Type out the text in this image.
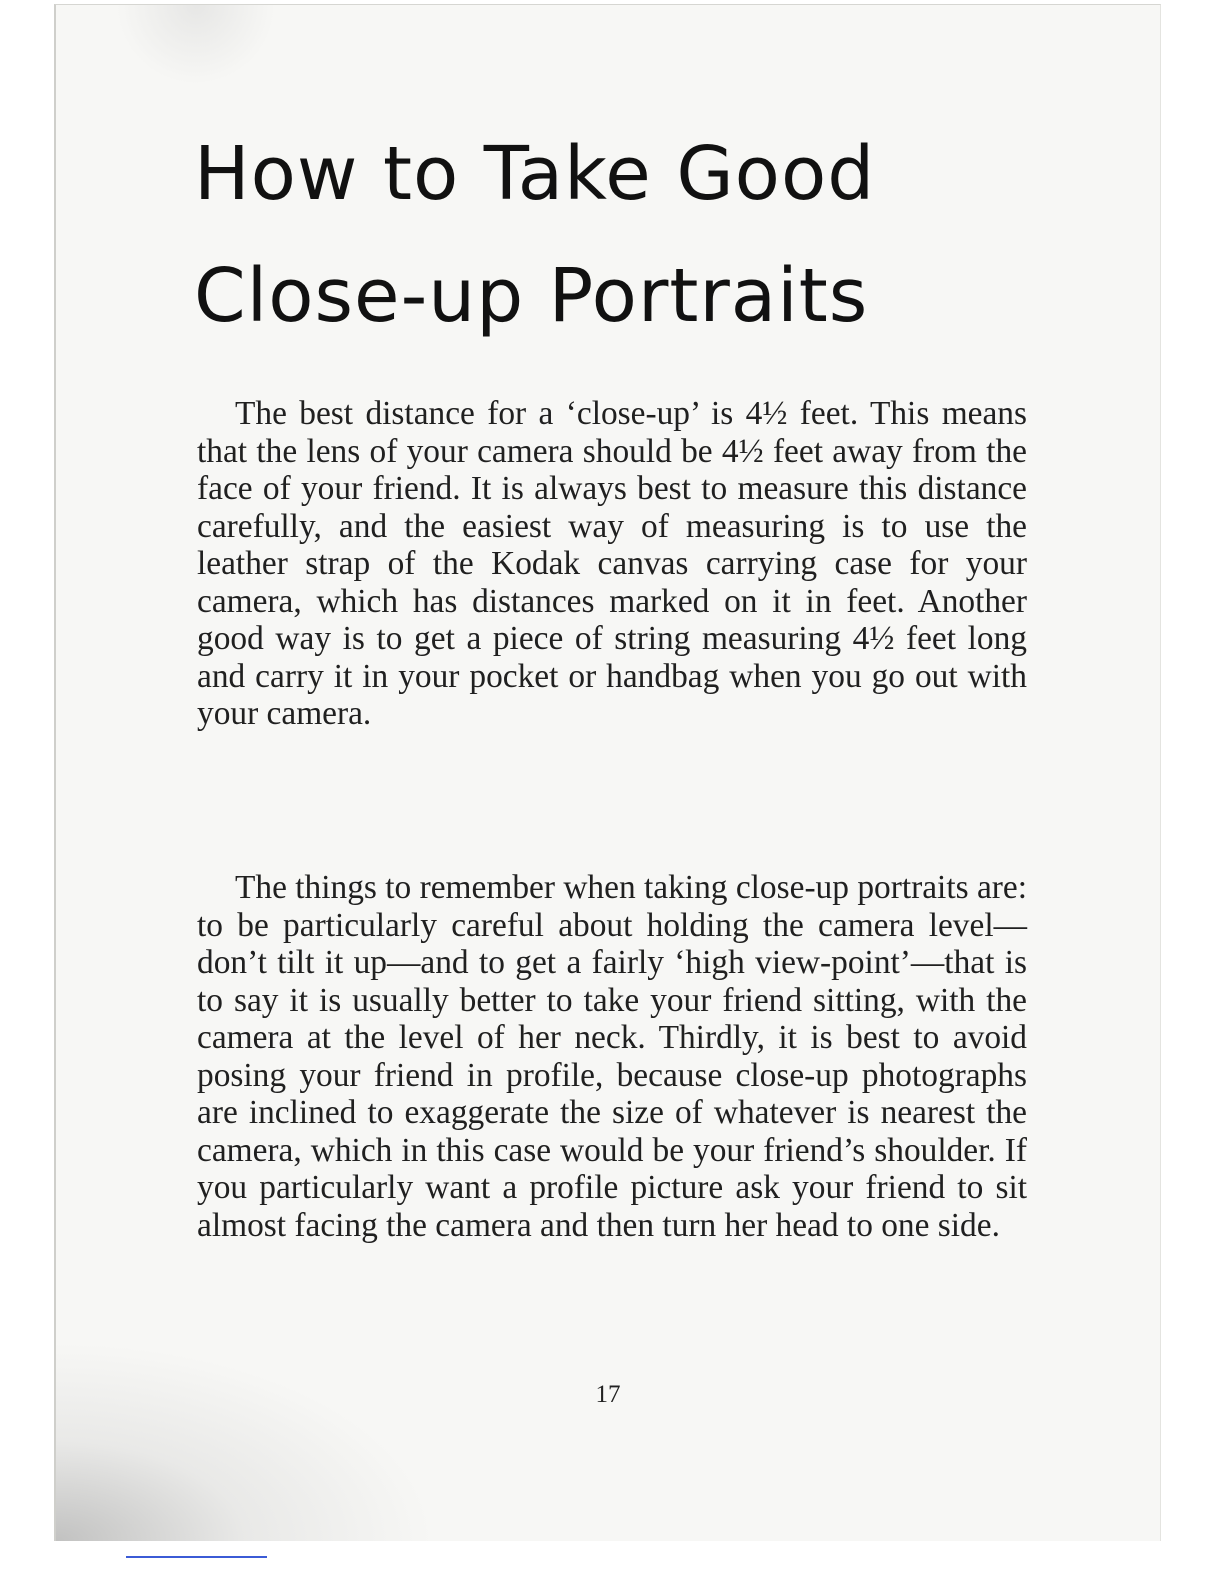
How to Take Good
Close-up Portraits

The best distance for a ‘close-up’ is 4½ feet. This means that the lens of your camera should be 4½ feet away from the face of your friend. It is always best to measure this distance carefully, and the easiest way of measuring is to use the leather strap of the Kodak canvas carrying case for your camera, which has distances marked on it in feet. Another good way is to get a piece of string measuring 4½ feet long and carry it in your pocket or handbag when you go out with your camera.

The things to remember when taking close-up portraits are: to be particularly careful about holding the camera level—don’t tilt it up—and to get a fairly ‘high view-point’—that is to say it is usually better to take your friend sitting, with the camera at the level of her neck. Thirdly, it is best to avoid posing your friend in profile, because close-up photographs are inclined to exaggerate the size of whatever is nearest the camera, which in this case would be your friend’s shoulder. If you particularly want a profile picture ask your friend to sit almost facing the camera and then turn her head to one side.

17
